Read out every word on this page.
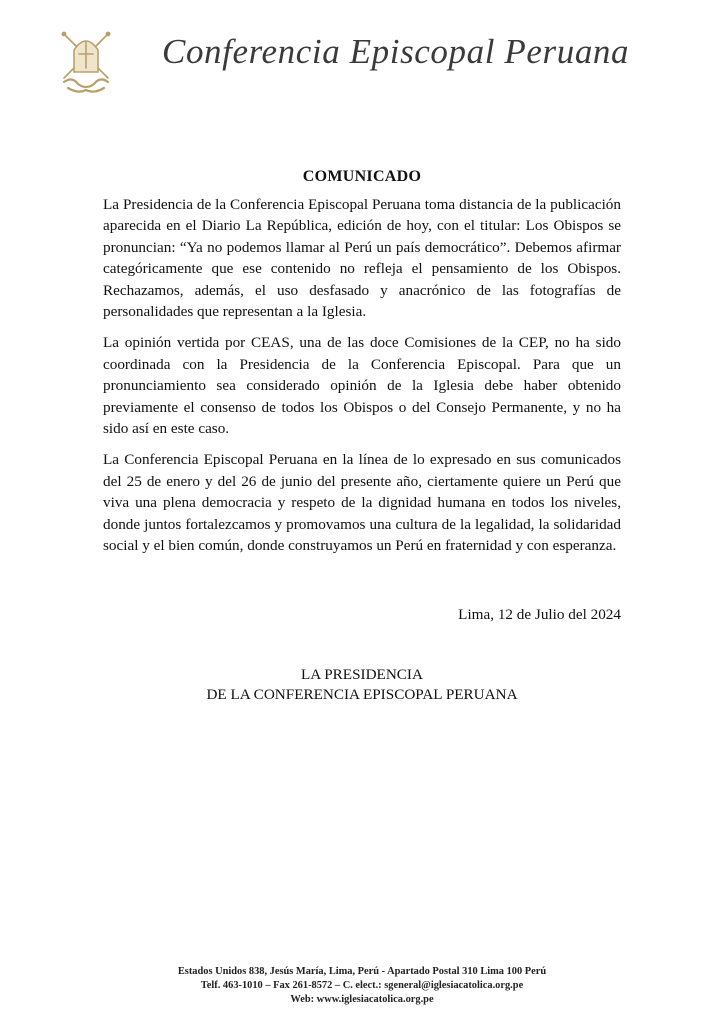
Conferencia Episcopal Peruana
COMUNICADO

La Presidencia de la Conferencia Episcopal Peruana toma distancia de la publicación aparecida en el Diario La República, edición de hoy, con el titular: Los Obispos se pronuncian: “Ya no podemos llamar al Perú un país democrático”. Debemos afirmar categóricamente que ese contenido no refleja el pensamiento de los Obispos. Rechazamos, además, el uso desfasado y anacrónico de las fotografías de personalidades que representan a la Iglesia.

La opinión vertida por CEAS, una de las doce Comisiones de la CEP, no ha sido coordinada con la Presidencia de la Conferencia Episcopal. Para que un pronunciamiento sea considerado opinión de la Iglesia debe haber obtenido previamente el consenso de todos los Obispos o del Consejo Permanente, y no ha sido así en este caso.

La Conferencia Episcopal Peruana en la línea de lo expresado en sus comunicados del 25 de enero y del 26 de junio del presente año, ciertamente quiere un Perú que viva una plena democracia y respeto de la dignidad humana en todos los niveles, donde juntos fortalezcamos y promovamos una cultura de la legalidad, la solidaridad social y el bien común, donde construyamos un Perú en fraternidad y con esperanza.

Lima, 12 de Julio del 2024
LA PRESIDENCIA
DE LA CONFERENCIA EPISCOPAL PERUANA
Estados Unidos 838, Jesús María, Lima, Perú - Apartado Postal 310 Lima 100 Perú
Telf. 463-1010 – Fax 261-8572 – C. elect.: sgeneral@iglesiacatolica.org.pe
Web: www.iglesiacatolica.org.pe
